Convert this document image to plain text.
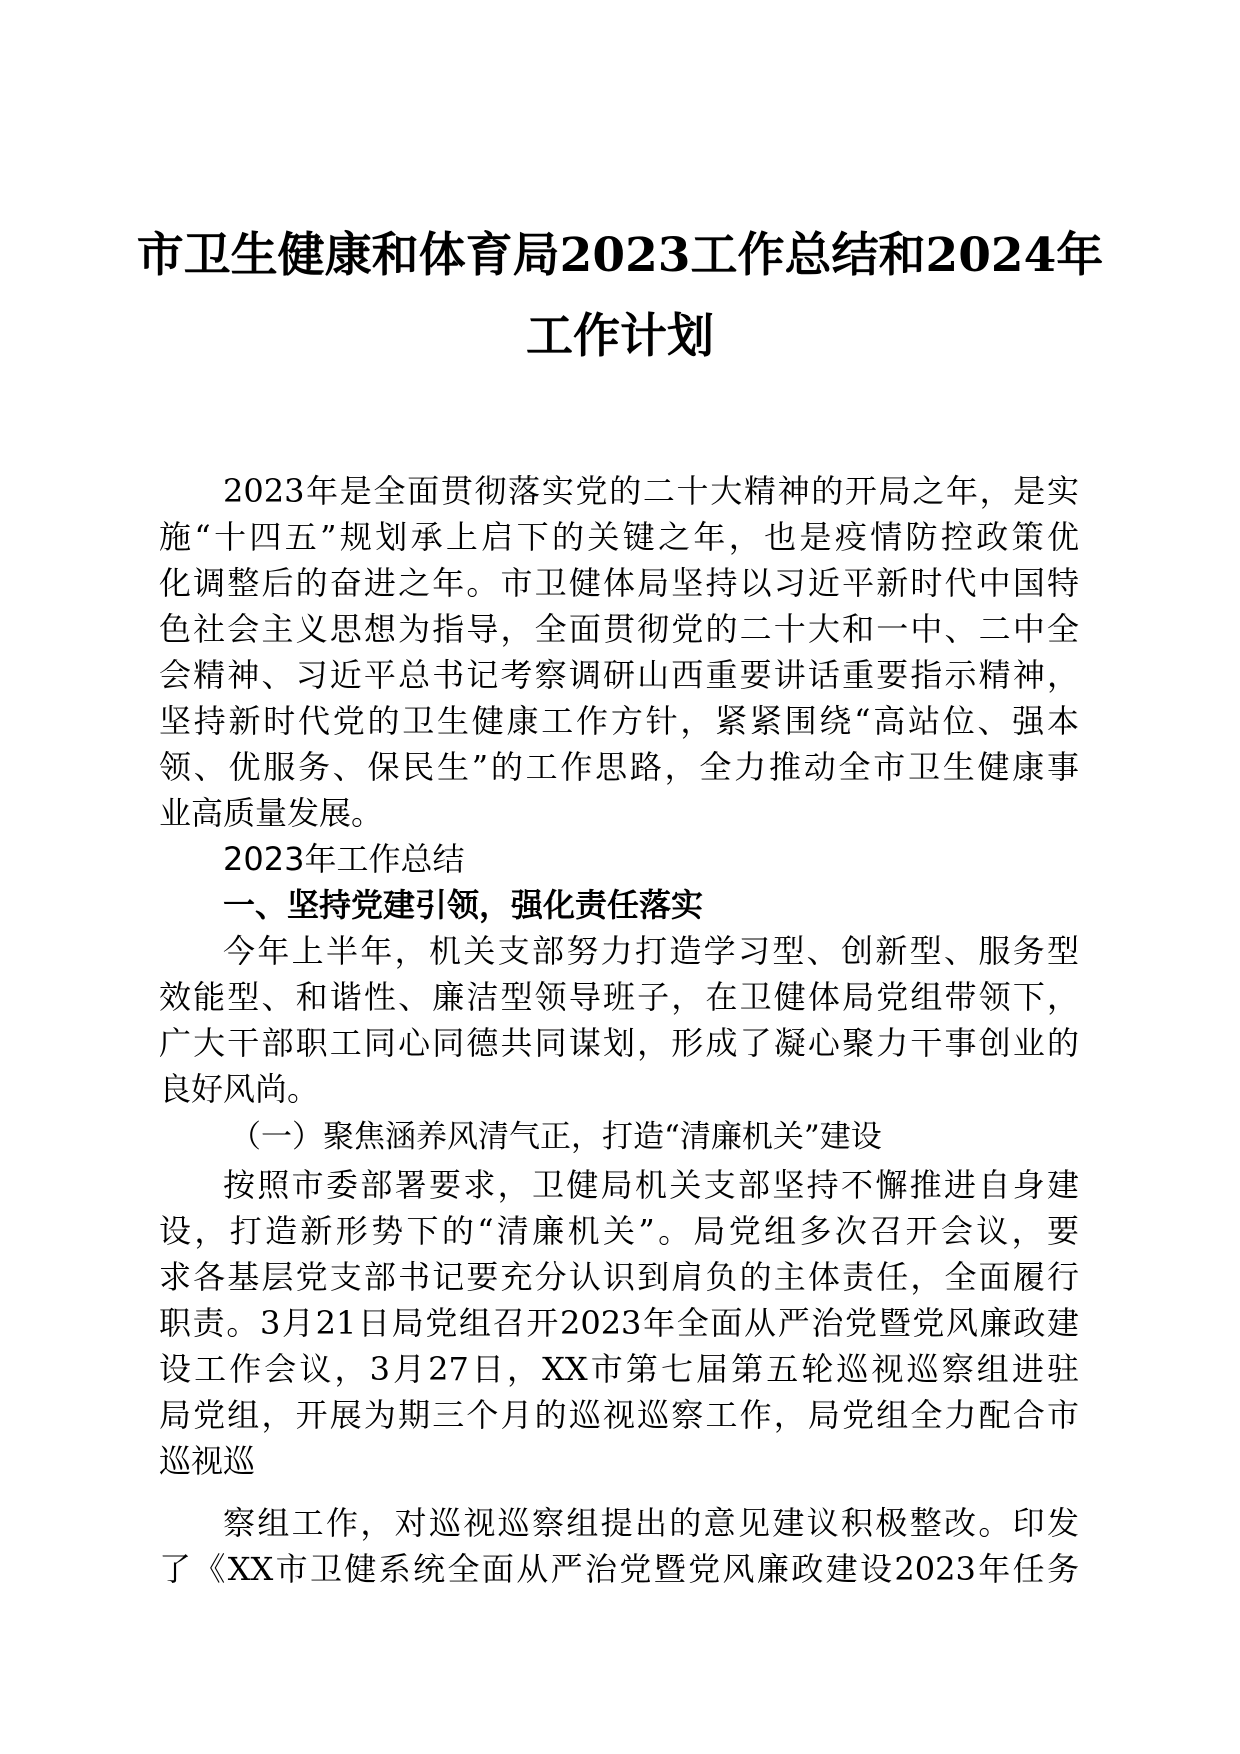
市卫生健康和体育局2023工作总结和2024年
工作计划
2023年是全面贯彻落实党的二十大精神的开局之年，是实
施“十四五”规划承上启下的关键之年，也是疫情防控政策优
化调整后的奋进之年。市卫健体局坚持以习近平新时代中国特
色社会主义思想为指导，全面贯彻党的二十大和一中、二中全
会精神、习近平总书记考察调研山西重要讲话重要指示精神，
坚持新时代党的卫生健康工作方针，紧紧围绕“高站位、强本
领、优服务、保民生”的工作思路，全力推动全市卫生健康事
业高质量发展。
2023年工作总结
一、坚持党建引领，强化责任落实
今年上半年，机关支部努力打造学习型、创新型、服务型
效能型、和谐性、廉洁型领导班子，在卫健体局党组带领下，
广大干部职工同心同德共同谋划，形成了凝心聚力干事创业的
良好风尚。
（一）聚焦涵养风清气正，打造“清廉机关”建设
按照市委部署要求，卫健局机关支部坚持不懈推进自身建
设，打造新形势下的“清廉机关”。局党组多次召开会议，要
求各基层党支部书记要充分认识到肩负的主体责任，全面履行
职责。3月21日局党组召开2023年全面从严治党暨党风廉政建
设工作会议，3月27日，XX市第七届第五轮巡视巡察组进驻
局党组，开展为期三个月的巡视巡察工作，局党组全力配合市
巡视巡
察组工作，对巡视巡察组提出的意见建议积极整改。印发
了《XX市卫健系统全面从严治党暨党风廉政建设2023年任务
